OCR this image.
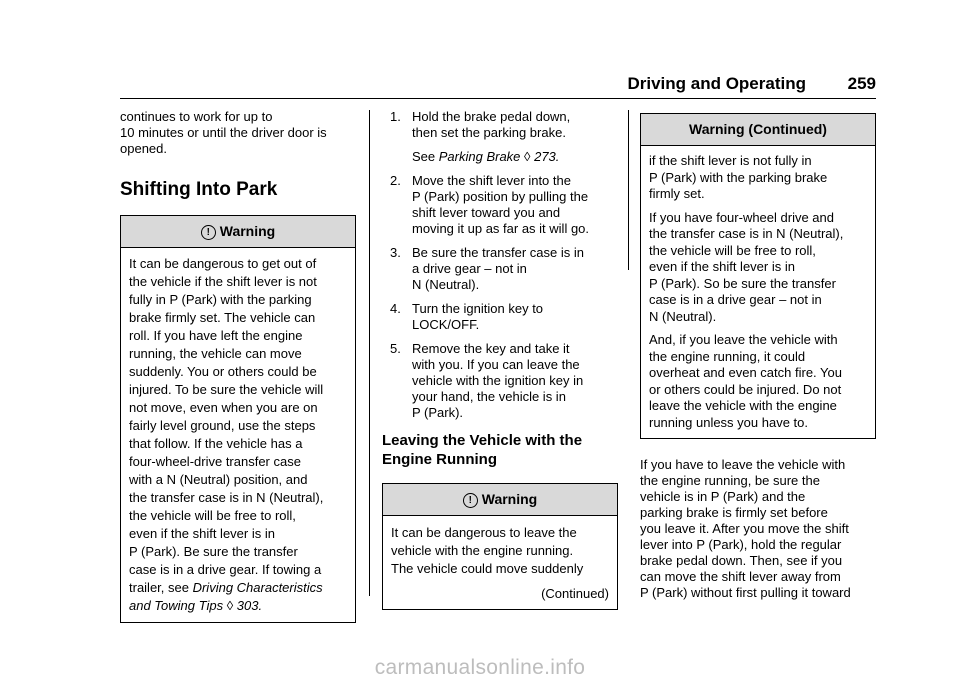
Driving and Operating 259

continues to work for up to
10 minutes or until the driver door is
opened.

Shifting Into Park
! Warning

It can be dangerous to get out of
the vehicle if the shift lever is not
fully in P (Park) with the parking
brake firmly set. The vehicle can
roll. If you have left the engine
running, the vehicle can move
suddenly. You or others could be
injured. To be sure the vehicle will
not move, even when you are on
fairly level ground, use the steps
that follow. If the vehicle has a
four-wheel-drive transfer case
with a N (Neutral) position, and
the transfer case is in N (Neutral),
the vehicle will be free to roll,
even if the shift lever is in
P (Park). Be sure the transfer
case is in a drive gear. If towing a
trailer, see Driving Characteristics
and Towing Tips ◊ 303.

1. Hold the brake pedal down,
then set the parking brake.
See Parking Brake ◊ 273.
2. Move the shift lever into the
P (Park) position by pulling the
shift lever toward you and
moving it up as far as it will go.
3. Be sure the transfer case is in
a drive gear – not in
N (Neutral).
4. Turn the ignition key to
LOCK/OFF.
5. Remove the key and take it
with you. If you can leave the
vehicle with the ignition key in
your hand, the vehicle is in
P (Park).
Leaving the Vehicle with the
Engine Running
! Warning

It can be dangerous to leave the
vehicle with the engine running.
The vehicle could move suddenly

(Continued)
Warning (Continued)

if the shift lever is not fully in
P (Park) with the parking brake
firmly set.

If you have four-wheel drive and
the transfer case is in N (Neutral),
the vehicle will be free to roll,
even if the shift lever is in
P (Park). So be sure the transfer
case is in a drive gear – not in
N (Neutral).

And, if you leave the vehicle with
the engine running, it could
overheat and even catch fire. You
or others could be injured. Do not
leave the vehicle with the engine
running unless you have to.

If you have to leave the vehicle with
the engine running, be sure the
vehicle is in P (Park) and the
parking brake is firmly set before
you leave it. After you move the shift
lever into P (Park), hold the regular
brake pedal down. Then, see if you
can move the shift lever away from
P (Park) without first pulling it toward

carmanualsonline.info
